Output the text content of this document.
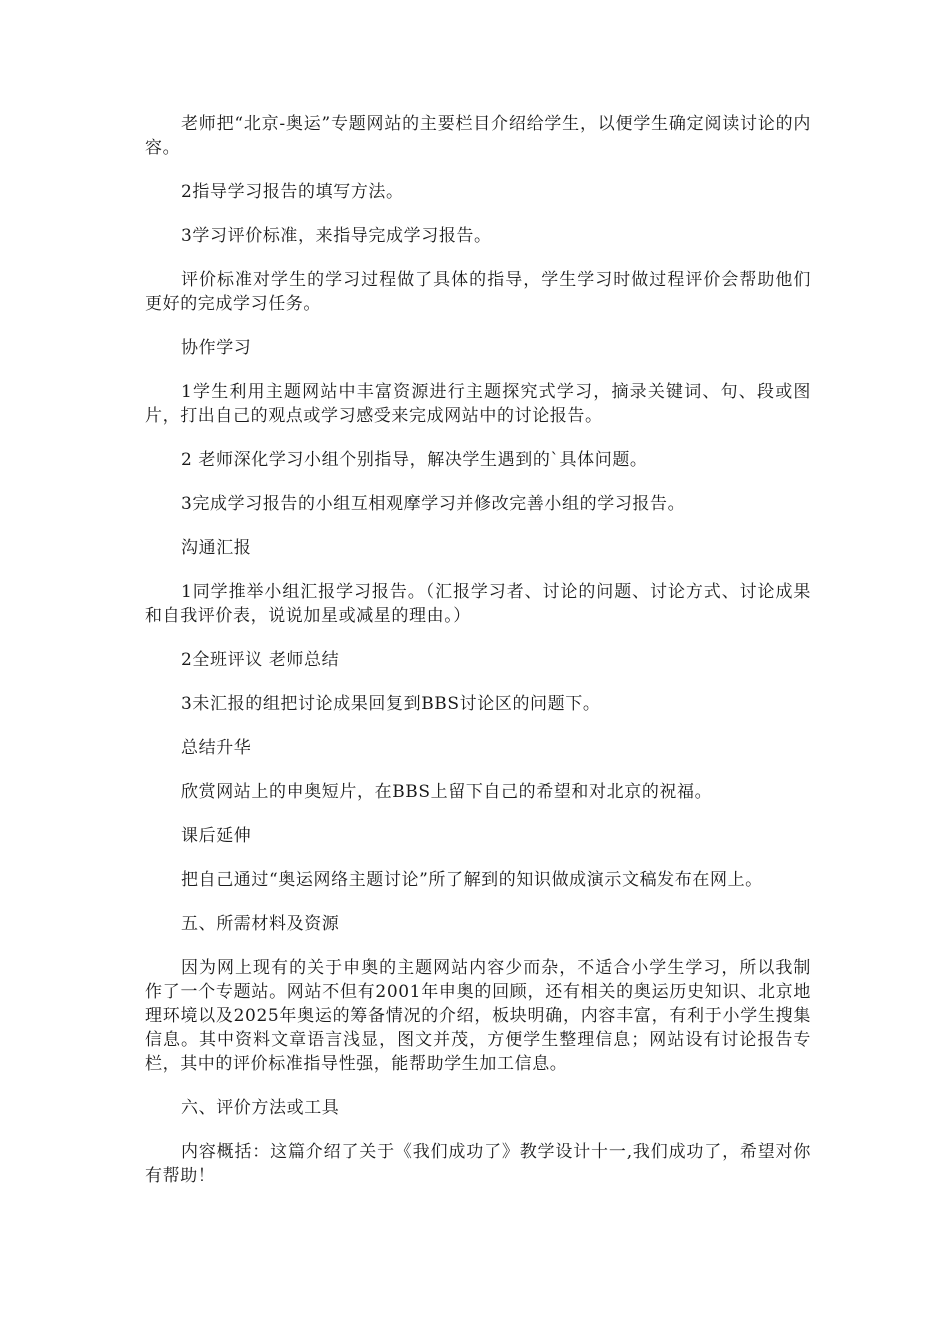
老师把“北京-奥运”专题网站的主要栏目介绍给学生，以便学生确定阅读讨论的内容。

2指导学习报告的填写方法。

3学习评价标准，来指导完成学习报告。

评价标准对学生的学习过程做了具体的指导，学生学习时做过程评价会帮助他们更好的完成学习任务。

协作学习

1学生利用主题网站中丰富资源进行主题探究式学习，摘录关键词、句、段或图片，打出自己的观点或学习感受来完成网站中的讨论报告。

2 老师深化学习小组个别指导，解决学生遇到的`具体问题。

3完成学习报告的小组互相观摩学习并修改完善小组的学习报告。

沟通汇报

1同学推举小组汇报学习报告。（汇报学习者、讨论的问题、讨论方式、讨论成果和自我评价表，说说加星或减星的理由。）

2全班评议 老师总结

3未汇报的组把讨论成果回复到BBS讨论区的问题下。

总结升华

欣赏网站上的申奥短片，在BBS上留下自己的希望和对北京的祝福。

课后延伸

把自己通过“奥运网络主题讨论”所了解到的知识做成演示文稿发布在网上。

五、所需材料及资源

因为网上现有的关于申奥的主题网站内容少而杂，不适合小学生学习，所以我制作了一个专题站。网站不但有2001年申奥的回顾，还有相关的奥运历史知识、北京地理环境以及2025年奥运的筹备情况的介绍，板块明确，内容丰富，有利于小学生搜集信息。其中资料文章语言浅显，图文并茂，方便学生整理信息；网站设有讨论报告专栏，其中的评价标准指导性强，能帮助学生加工信息。

六、评价方法或工具

内容概括：这篇介绍了关于《我们成功了》教学设计十一,我们成功了，希望对你有帮助！
